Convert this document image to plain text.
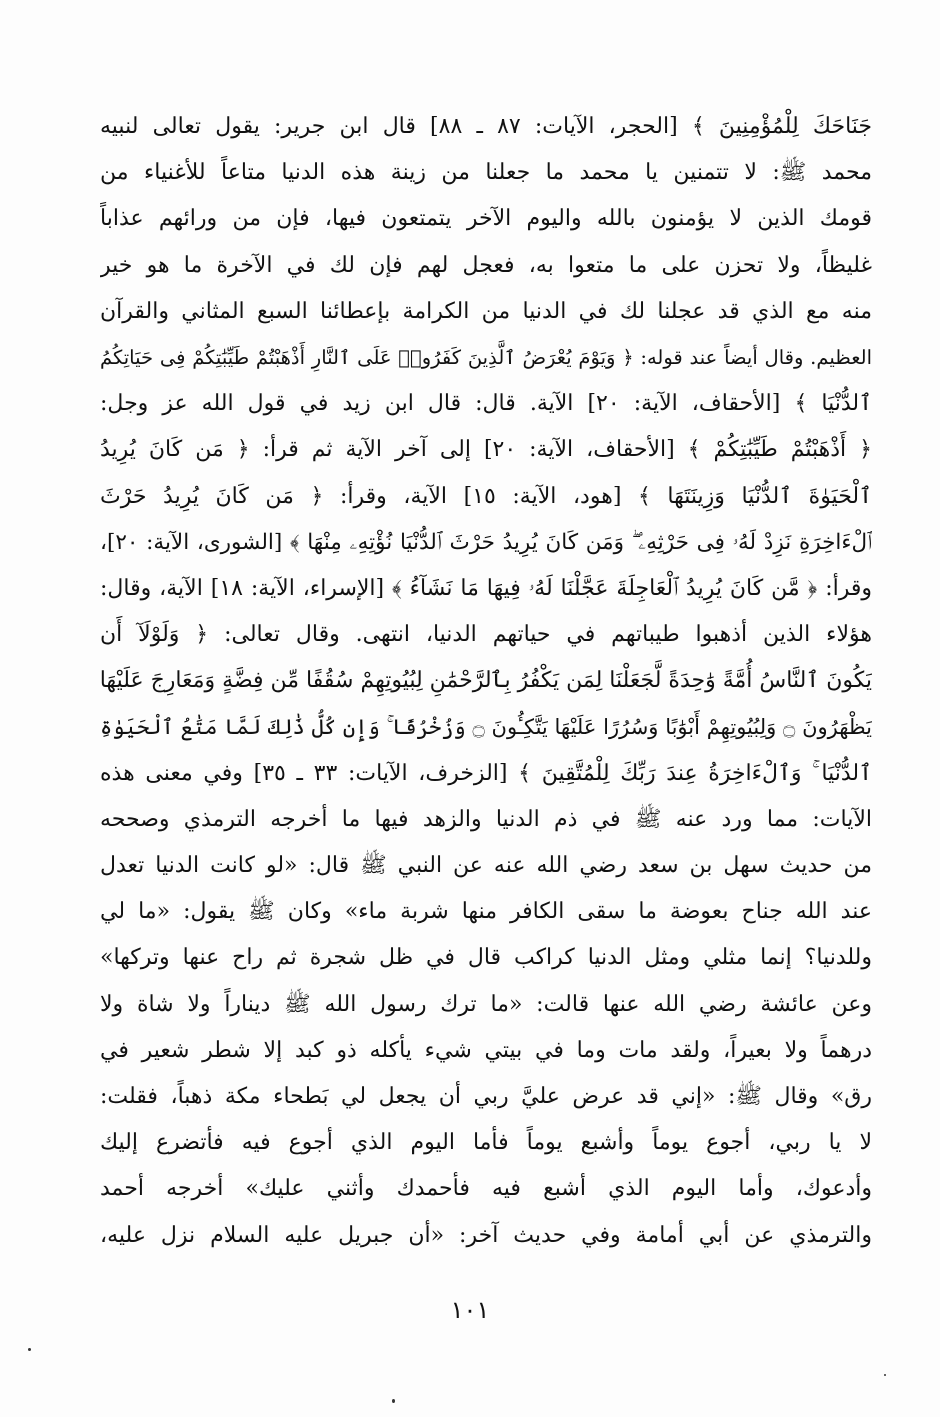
جَنَاحَكَ لِلْمُؤْمِنِينَ ﴾ [الحجر، الآيات: ٨٧ ـ ٨٨] قال ابن جرير: يقول تعالى لنبيه
محمد ﷺ: لا تتمنين يا محمد ما جعلنا من زينة هذه الدنيا متاعاً للأغنياء من
قومك الذين لا يؤمنون بالله واليوم الآخر يتمتعون فيها، فإن من ورائهم عذاباً
غليظاً، ولا تحزن على ما متعوا به، فعجل لهم فإن لك في الآخرة ما هو خير
منه مع الذي قد عجلنا لك في الدنيا من الكرامة بإعطائنا السبع المثاني والقرآن
العظيم. وقال أيضاً عند قوله: ﴿ وَيَوْمَ يُعْرَضُ ٱلَّذِينَ كَفَرُوا۟ عَلَى ٱلنَّارِ أَذْهَبْتُمْ طَيِّبَٰتِكُمْ فِى حَيَاتِكُمُ
ٱلدُّنْيَا ﴾ [الأحقاف، الآية: ٢٠] الآية. قال: قال ابن زيد في قول الله عز وجل:
﴿ أَذْهَبْتُمْ طَيِّبَٰتِكُمْ ﴾ [الأحقاف، الآية: ٢٠] إلى آخر الآية ثم قرأ: ﴿ مَن كَانَ يُرِيدُ
ٱلْحَيَوٰةَ ٱلدُّنْيَا وَزِينَتَهَا ﴾ [هود، الآية: ١٥] الآية، وقرأ: ﴿ مَن كَانَ يُرِيدُ حَرْثَ
ٱلْءَاخِرَةِ نَزِدْ لَهُۥ فِى حَرْثِهِۦ ۖ وَمَن كَانَ يُرِيدُ حَرْثَ ٱلدُّنْيَا نُؤْتِهِۦ مِنْهَا ﴾ [الشورى، الآية: ٢٠]،
وقرأ: ﴿ مَّن كَانَ يُرِيدُ ٱلْعَاجِلَةَ عَجَّلْنَا لَهُۥ فِيهَا مَا نَشَآءُ ﴾ [الإسراء، الآية: ١٨] الآية، وقال:
هؤلاء الذين أذهبوا طيباتهم في حياتهم الدنيا، انتهى. وقال تعالى: ﴿ وَلَوْلَآ أَن
يَكُونَ ٱلنَّاسُ أُمَّةً وَٰحِدَةً لَّجَعَلْنَا لِمَن يَكْفُرُ بِٱلرَّحْمَٰنِ لِبُيُوتِهِمْ سُقُفًا مِّن فِضَّةٍ وَمَعَارِجَ عَلَيْهَا
يَظْهَرُونَ ۝ وَلِبُيُوتِهِمْ أَبْوَٰبًا وَسُرُرًا عَلَيْهَا يَتَّكِـُٔونَ ۝ وَزُخْرُفًا ۚ وَإِن كُلُّ ذَٰلِكَ لَمَّا مَتَٰعُ ٱلْحَيَوٰةِ
ٱلدُّنْيَا ۚ وَٱلْءَاخِرَةُ عِندَ رَبِّكَ لِلْمُتَّقِينَ ﴾ [الزخرف، الآيات: ٣٣ ـ ٣٥] وفي معنى هذه
الآيات: مما ورد عنه ﷺ في ذم الدنيا والزهد فيها ما أخرجه الترمذي وصححه
من حديث سهل بن سعد رضي الله عنه عن النبي ﷺ قال: «لو كانت الدنيا تعدل
عند الله جناح بعوضة ما سقى الكافر منها شربة ماء» وكان ﷺ يقول: «ما لي
وللدنيا؟ إنما مثلي ومثل الدنيا كراكب قال في ظل شجرة ثم راح عنها وتركها»
وعن عائشة رضي الله عنها قالت: «ما ترك رسول الله ﷺ ديناراً ولا شاة ولا
درهماً ولا بعيراً، ولقد مات وما في بيتي شيء يأكله ذو كبد إلا شطر شعير في
رق» وقال ﷺ: «إني قد عرض عليَّ ربي أن يجعل لي بَطحاء مكة ذهباً، فقلت:
لا يا ربي، أجوع يوماً وأشبع يوماً فأما اليوم الذي أجوع فيه فأتضرع إليك
وأدعوك، وأما اليوم الذي أشبع فيه فأحمدك وأثني عليك» أخرجه أحمد
والترمذي عن أبي أمامة وفي حديث آخر: «أن جبريل عليه السلام نزل عليه،
١٠١
